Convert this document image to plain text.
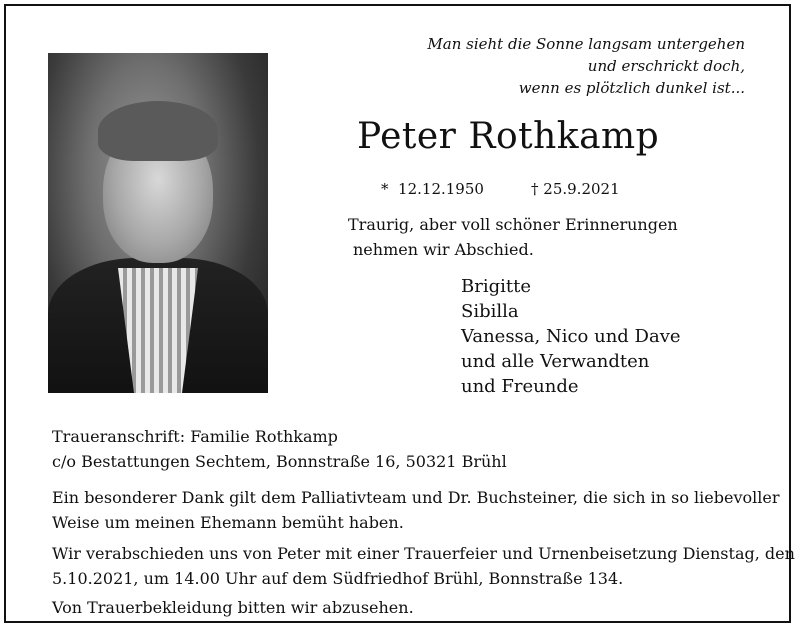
Man sieht die Sonne langsam untergehen
und erschrickt doch,
wenn es plötzlich dunkel ist...
Peter Rothkamp
* 12.12.1950	† 25.9.2021
Traurig, aber voll schöner Erinnerungen
nehmen wir Abschied.
Brigitte
Sibilla
Vanessa, Nico und Dave
und alle Verwandten
und Freunde
Traueranschrift: Familie Rothkamp
c/o Bestattungen Sechtem, Bonnstraße 16, 50321 Brühl
Ein besonderer Dank gilt dem Palliativteam und Dr. Buchsteiner, die sich in so liebevoller
Weise um meinen Ehemann bemüht haben.
Wir verabschieden uns von Peter mit einer Trauerfeier und Urnenbeisetzung Dienstag, den
5.10.2021, um 14.00 Uhr auf dem Südfriedhof Brühl, Bonnstraße 134.
Von Trauerbekleidung bitten wir abzusehen.
